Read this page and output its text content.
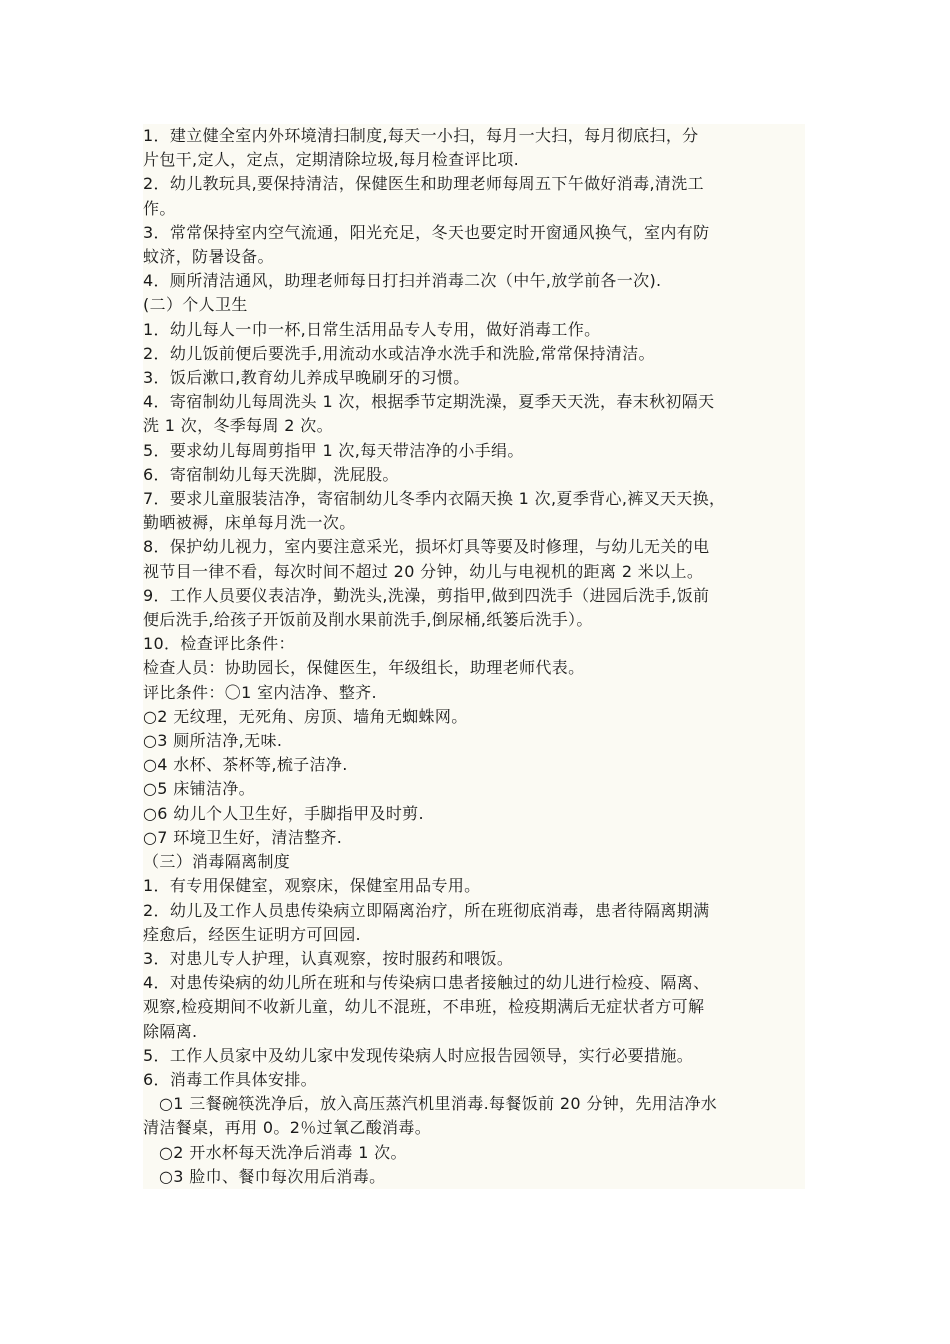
1．建立健全室内外环境清扫制度,每天一小扫，每月一大扫，每月彻底扫，分

片包干,定人，定点，定期清除垃圾,每月检查评比项.

2．幼儿教玩具,要保持清洁，保健医生和助理老师每周五下午做好消毒,清洗工

作。

3．常常保持室内空气流通，阳光充足，冬天也要定时开窗通风换气，室内有防

蚊济，防暑设备。

4．厕所清洁通风，助理老师每日打扫并消毒二次（中午,放学前各一次).

(二）个人卫生

1．幼儿每人一巾一杯,日常生活用品专人专用，做好消毒工作。

2．幼儿饭前便后要洗手,用流动水或洁净水洗手和洗脸,常常保持清洁。

3．饭后漱口,教育幼儿养成早晚刷牙的习惯。

4．寄宿制幼儿每周洗头 1 次，根据季节定期洗澡，夏季天天洗，春末秋初隔天

洗 1 次，冬季每周 2 次。

5．要求幼儿每周剪指甲 1 次,每天带洁净的小手绢。

6．寄宿制幼儿每天洗脚，洗屁股。

7．要求儿童服装洁净，寄宿制幼儿冬季内衣隔天换 1 次,夏季背心,裤叉天天换，

勤晒被褥，床单每月洗一次。

8．保护幼儿视力，室内要注意采光，损坏灯具等要及时修理，与幼儿无关的电

视节目一律不看，每次时间不超过 20 分钟，幼儿与电视机的距离 2 米以上。

9．工作人员要仪表洁净，勤洗头,洗澡，剪指甲,做到四洗手（进园后洗手,饭前

便后洗手,给孩子开饭前及削水果前洗手,倒尿桶,纸篓后洗手）。

10．检查评比条件：

检查人员：协助园长，保健医生，年级组长，助理老师代表。

评比条件：〇1 室内洁净、整齐.

○2 无纹理，无死角、房顶、墙角无蜘蛛网。

○3 厕所洁净,无味.

○4 水杯、茶杯等,梳子洁净.

○5 床铺洁净。

○6 幼儿个人卫生好，手脚指甲及时剪.

○7 环境卫生好，清洁整齐.

（三）消毒隔离制度

1．有专用保健室，观察床，保健室用品专用。

2．幼儿及工作人员患传染病立即隔离治疗，所在班彻底消毒，患者待隔离期满

痊愈后，经医生证明方可回园.

3．对患儿专人护理，认真观察，按时服药和喂饭。

4．对患传染病的幼儿所在班和与传染病口患者接触过的幼儿进行检疫、隔离、

观察,检疫期间不收新儿童，幼儿不混班，不串班，检疫期满后无症状者方可解

除隔离.

5．工作人员家中及幼儿家中发现传染病人时应报告园领导，实行必要措施。

6．消毒工作具体安排。

○1 三餐碗筷洗净后，放入高压蒸汽机里消毒.每餐饭前 20 分钟，先用洁净水

清洁餐桌，再用 0。2％过氧乙酸消毒。

○2 开水杯每天洗净后消毒 1 次。

○3 脸巾、餐巾每次用后消毒。
